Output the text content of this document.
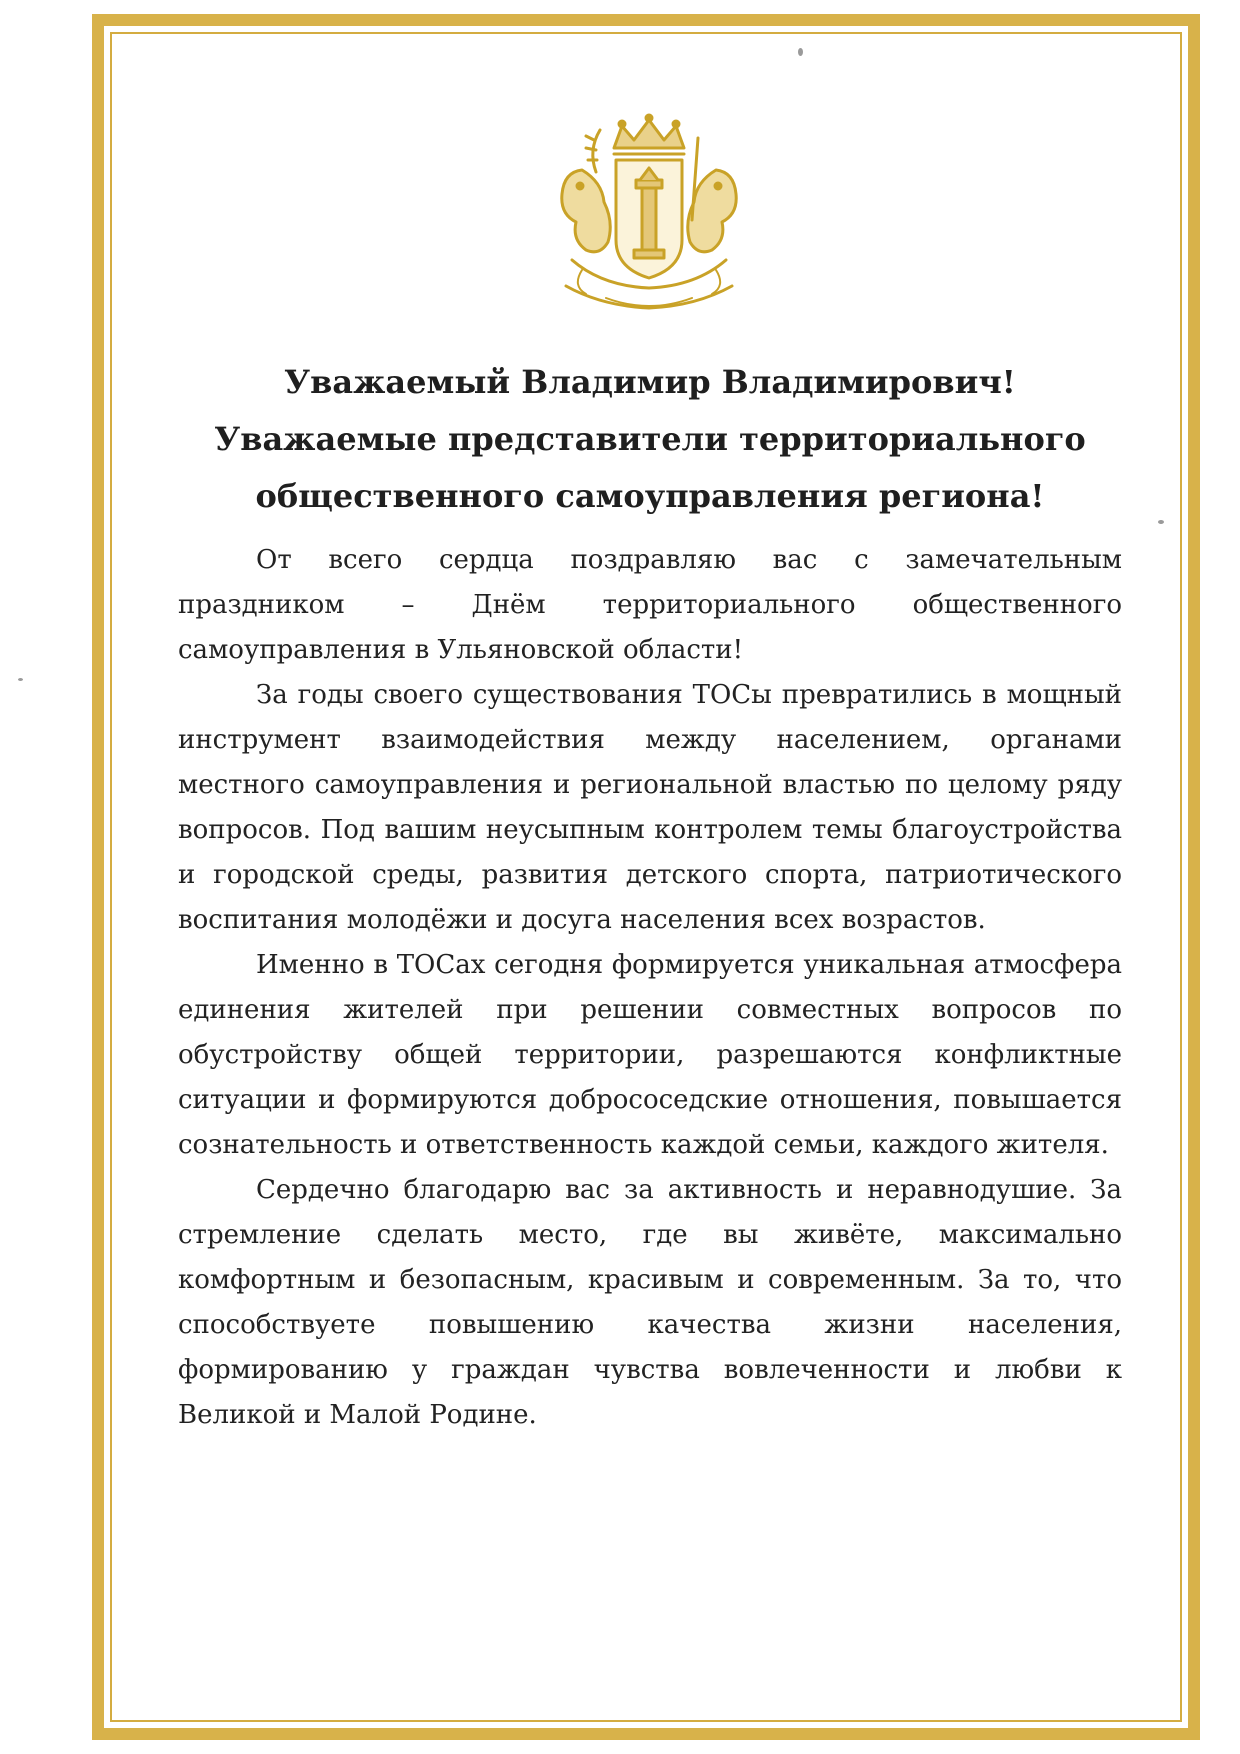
Уважаемый Владимир Владимирович!
Уважаемые представители территориального
общественного самоуправления региона!

От всего сердца поздравляю вас с замечательным праздником – Днём территориального общественного самоуправления в Ульяновской области!

За годы своего существования ТОСы превратились в мощный инструмент взаимодействия между населением, органами местного самоуправления и региональной властью по целому ряду вопросов. Под вашим неусыпным контролем темы благоустройства и городской среды, развития детского спорта, патриотического воспитания молодёжи и досуга населения всех возрастов.

Именно в ТОСах сегодня формируется уникальная атмосфера единения жителей при решении совместных вопросов по обустройству общей территории, разрешаются конфликтные ситуации и формируются добрососедские отношения, повышается сознательность и ответственность каждой семьи, каждого жителя.

Сердечно благодарю вас за активность и неравнодушие. За стремление сделать место, где вы живёте, максимально комфортным и безопасным, красивым и современным. За то, что способствуете повышению качества жизни населения, формированию у граждан чувства вовлеченности и любви к Великой и Малой Родине.
